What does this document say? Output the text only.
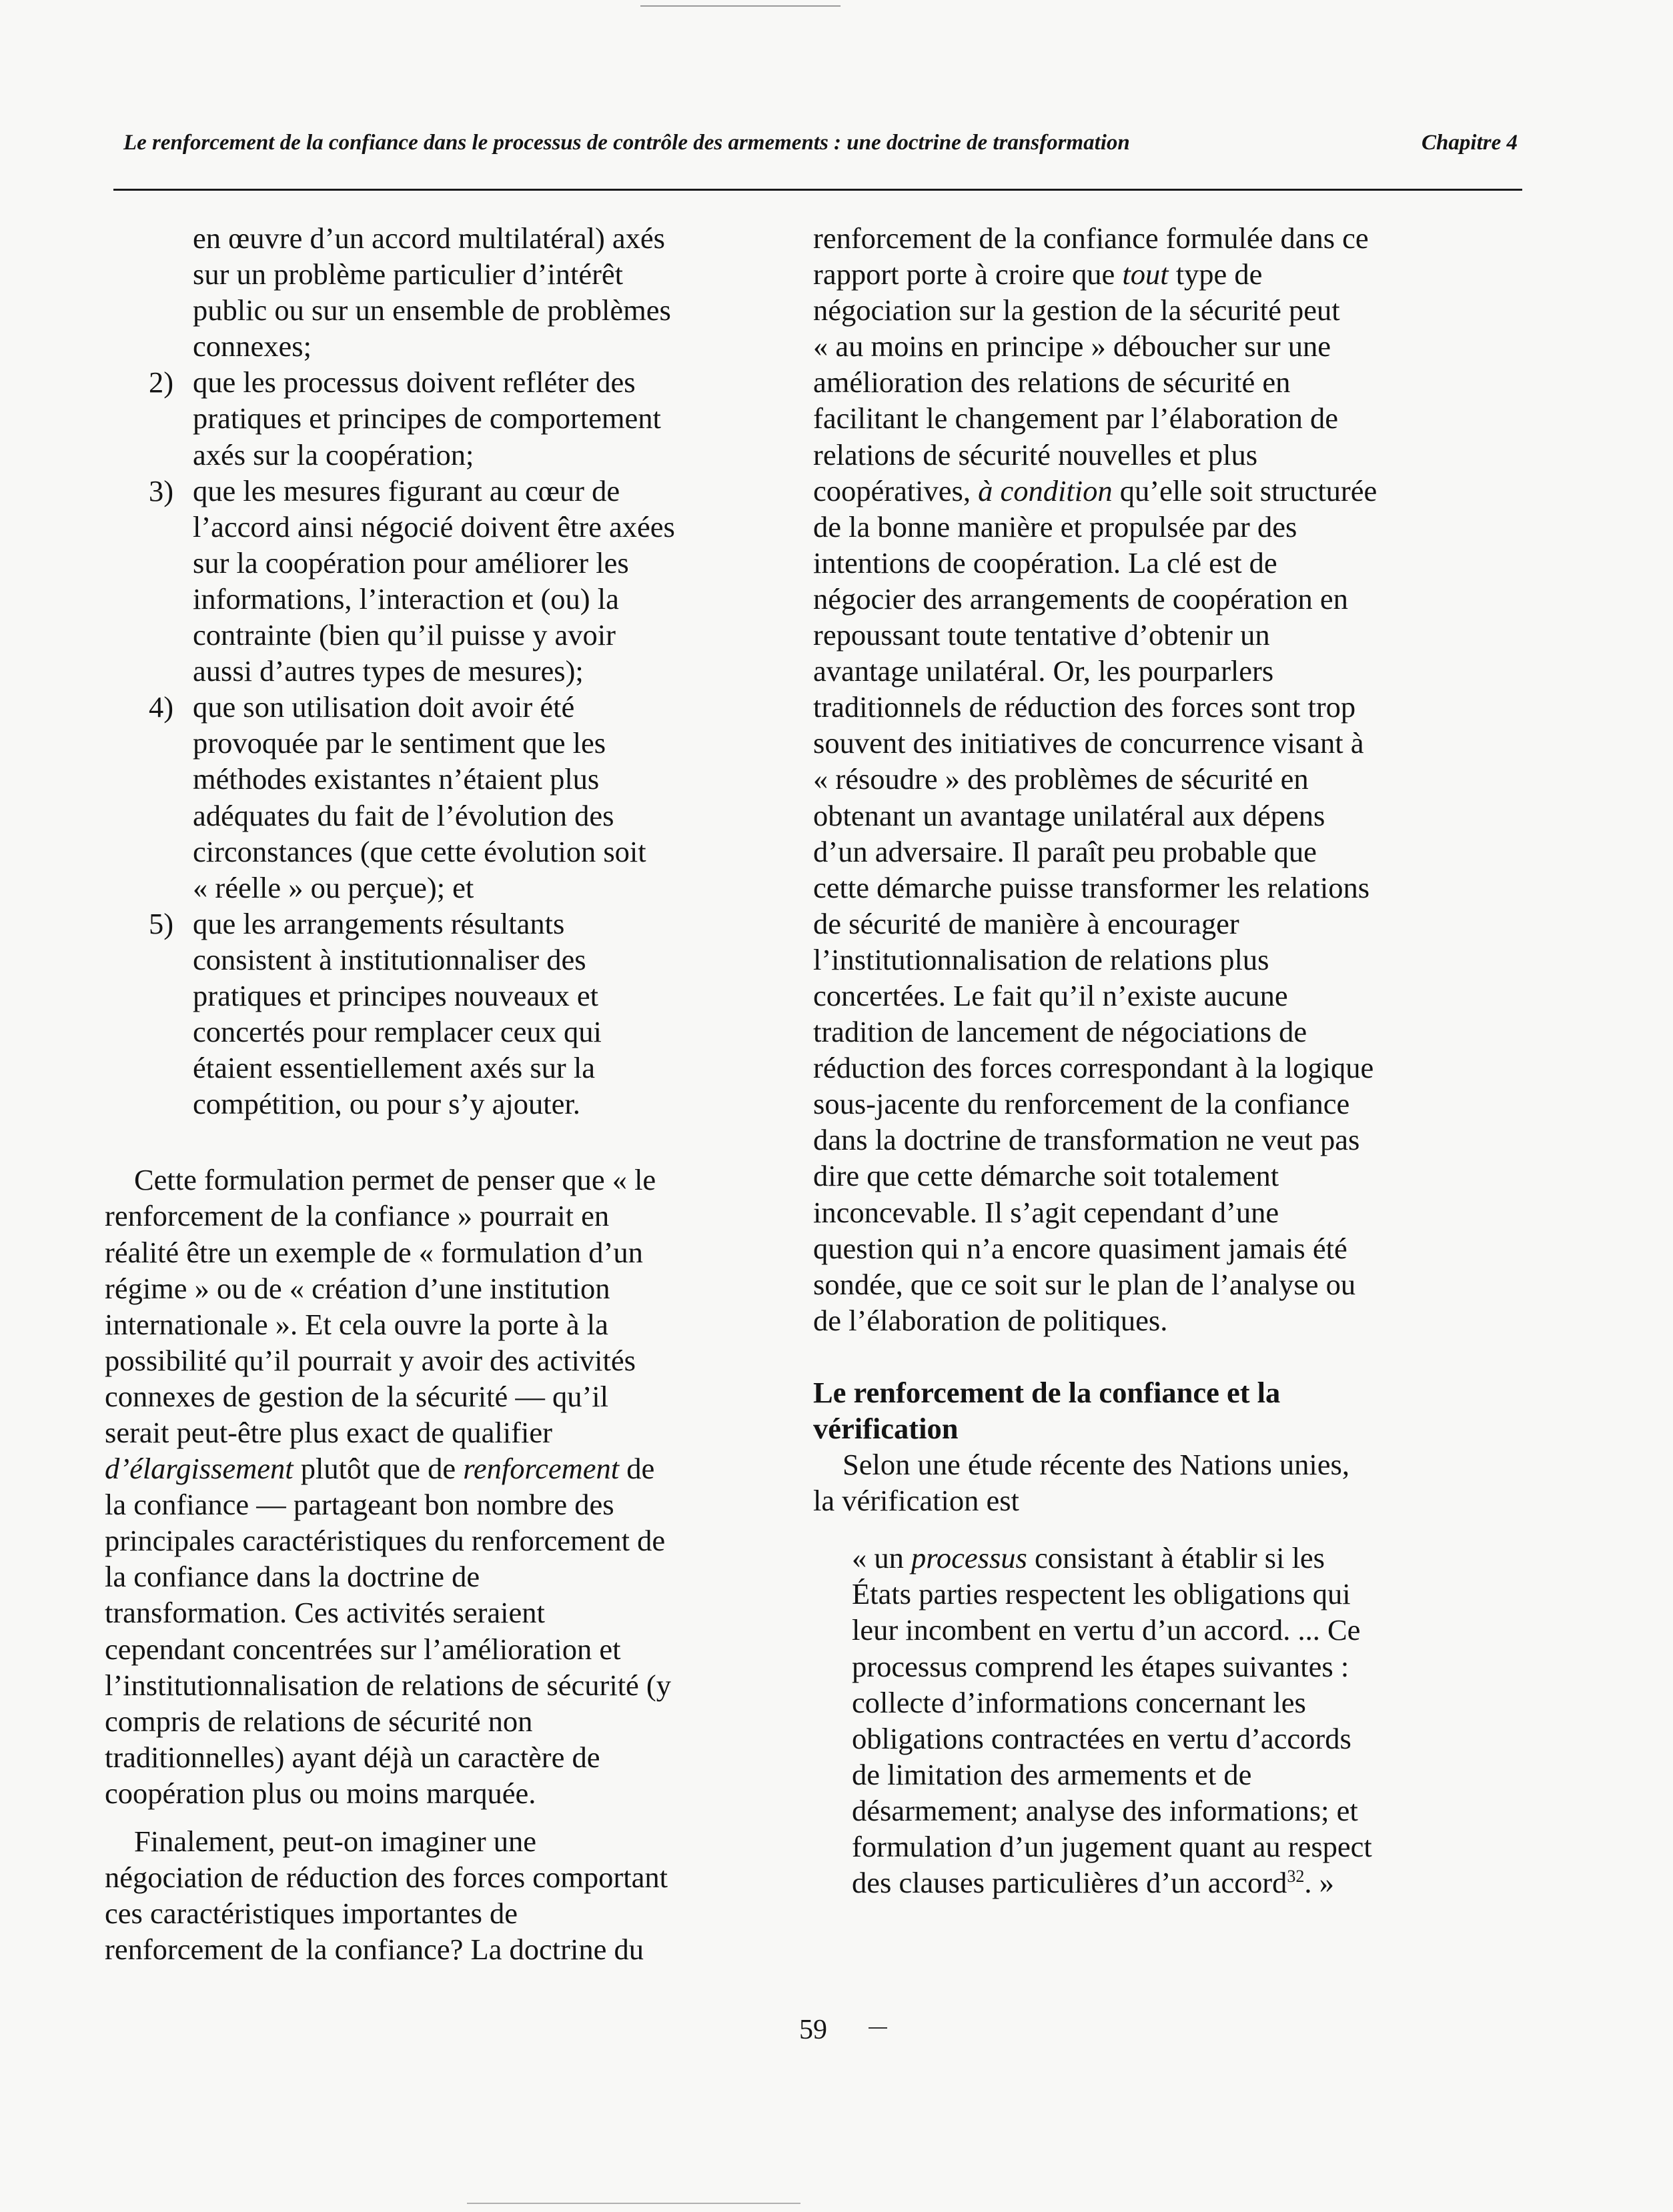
Le renforcement de la confiance dans le processus de contrôle des armements : une doctrine de transformation	Chapitre 4
en œuvre d’un accord multilatéral) axés
sur un problème particulier d’intérêt
public ou sur un ensemble de problèmes
connexes;
2) que les processus doivent refléter des
pratiques et principes de comportement
axés sur la coopération;
3) que les mesures figurant au cœur de
l’accord ainsi négocié doivent être axées
sur la coopération pour améliorer les
informations, l’interaction et (ou) la
contrainte (bien qu’il puisse y avoir
aussi d’autres types de mesures);
4) que son utilisation doit avoir été
provoquée par le sentiment que les
méthodes existantes n’étaient plus
adéquates du fait de l’évolution des
circonstances (que cette évolution soit
« réelle » ou perçue); et
5) que les arrangements résultants
consistent à institutionnaliser des
pratiques et principes nouveaux et
concertés pour remplacer ceux qui
étaient essentiellement axés sur la
compétition, ou pour s’y ajouter.
Cette formulation permet de penser que « le
renforcement de la confiance » pourrait en
réalité être un exemple de « formulation d’un
régime » ou de « création d’une institution
internationale ». Et cela ouvre la porte à la
possibilité qu’il pourrait y avoir des activités
connexes de gestion de la sécurité — qu’il
serait peut-être plus exact de qualifier
d’élargissement plutôt que de renforcement de
la confiance — partageant bon nombre des
principales caractéristiques du renforcement de
la confiance dans la doctrine de
transformation. Ces activités seraient
cependant concentrées sur l’amélioration et
l’institutionnalisation de relations de sécurité (y
compris de relations de sécurité non
traditionnelles) ayant déjà un caractère de
coopération plus ou moins marquée.
Finalement, peut-on imaginer une
négociation de réduction des forces comportant
ces caractéristiques importantes de
renforcement de la confiance? La doctrine du
renforcement de la confiance formulée dans ce
rapport porte à croire que tout type de
négociation sur la gestion de la sécurité peut
« au moins en principe » déboucher sur une
amélioration des relations de sécurité en
facilitant le changement par l’élaboration de
relations de sécurité nouvelles et plus
coopératives, à condition qu’elle soit structurée
de la bonne manière et propulsée par des
intentions de coopération. La clé est de
négocier des arrangements de coopération en
repoussant toute tentative d’obtenir un
avantage unilatéral. Or, les pourparlers
traditionnels de réduction des forces sont trop
souvent des initiatives de concurrence visant à
« résoudre » des problèmes de sécurité en
obtenant un avantage unilatéral aux dépens
d’un adversaire. Il paraît peu probable que
cette démarche puisse transformer les relations
de sécurité de manière à encourager
l’institutionnalisation de relations plus
concertées. Le fait qu’il n’existe aucune
tradition de lancement de négociations de
réduction des forces correspondant à la logique
sous-jacente du renforcement de la confiance
dans la doctrine de transformation ne veut pas
dire que cette démarche soit totalement
inconcevable. Il s’agit cependant d’une
question qui n’a encore quasiment jamais été
sondée, que ce soit sur le plan de l’analyse ou
de l’élaboration de politiques.
Le renforcement de la confiance et la
vérification
Selon une étude récente des Nations unies,
la vérification est
« un processus consistant à établir si les
États parties respectent les obligations qui
leur incombent en vertu d’un accord. ... Ce
processus comprend les étapes suivantes :
collecte d’informations concernant les
obligations contractées en vertu d’accords
de limitation des armements et de
désarmement; analyse des informations; et
formulation d’un jugement quant au respect
des clauses particulières d’un accord$^{32}$. »
59
